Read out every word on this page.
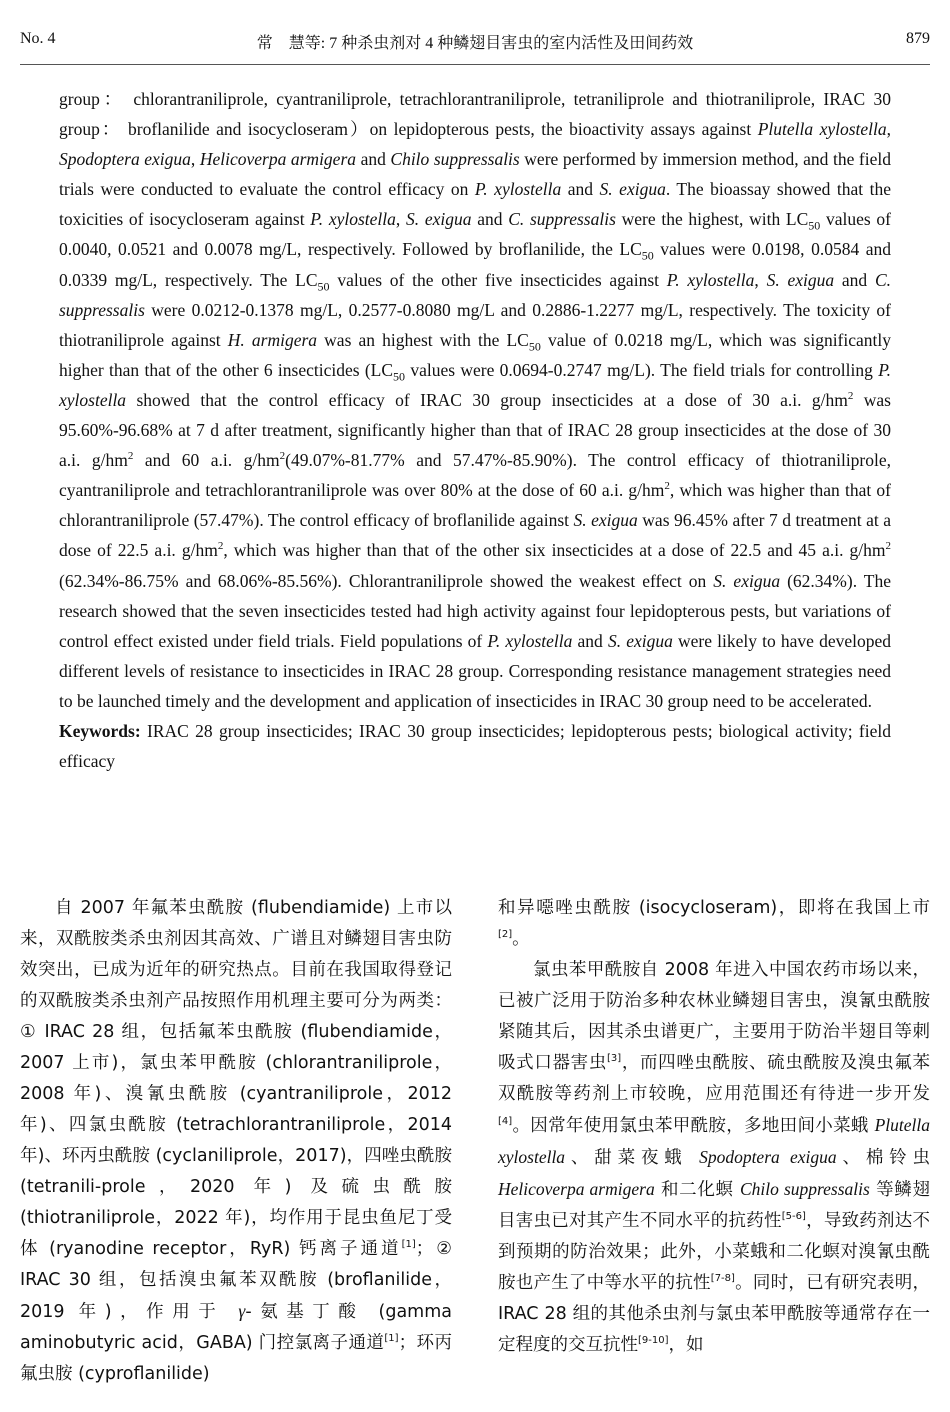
No. 4	常　慧等: 7 种杀虫剂对 4 种鳞翅目害虫的室内活性及田间药效	879

group： chlorantraniliprole, cyantraniliprole, tetrachlorantraniliprole, tetraniliprole and thiotraniliprole, IRAC 30 group： broflanilide and isocycloseram）on lepidopterous pests, the bioactivity assays against Plutella xylostella, Spodoptera exigua, Helicoverpa armigera and Chilo suppressalis were performed by immersion method, and the field trials were conducted to evaluate the control efficacy on P. xylostella and S. exigua. The bioassay showed that the toxicities of isocycloseram against P. xylostella, S. exigua and C. suppressalis were the highest, with $LC_{50}$ values of 0.0040, 0.0521 and 0.0078 mg/L, respectively. Followed by broflanilide, the $LC_{50}$ values were 0.0198, 0.0584 and 0.0339 mg/L, respectively. The $LC_{50}$ values of the other five insecticides against P. xylostella, S. exigua and C. suppressalis were 0.0212-0.1378 mg/L, 0.2577-0.8080 mg/L and 0.2886-1.2277 mg/L, respectively. The toxicity of thiotraniliprole against H. armigera was an highest with the $LC_{50}$ value of 0.0218 mg/L, which was significantly higher than that of the other 6 insecticides ($LC_{50}$ values were 0.0694-0.2747 mg/L). The field trials for controlling P. xylostella showed that the control efficacy of IRAC 30 group insecticides at a dose of 30 a.i. $g/hm^2$ was 95.60%-96.68% at 7 d after treatment, significantly higher than that of IRAC 28 group insecticides at the dose of 30 a.i. $g/hm^2$ and 60 a.i. $g/hm^2(49.07\%-81.77\%$ and 57.47%-85.90%). The control efficacy of thiotraniliprole, cyantraniliprole and tetrachlorantraniliprole was over 80% at the dose of 60 a.i. $g/hm^2$, which was higher than that of chlorantraniliprole (57.47%). The control efficacy of broflanilide against S. exigua was 96.45% after 7 d treatment at a dose of 22.5 a.i. $g/hm^2$, which was higher than that of the other six insecticides at a dose of 22.5 and 45 a.i. $g/hm^2$ (62.34%-86.75% and 68.06%-85.56%). Chlorantraniliprole showed the weakest effect on S. exigua (62.34%). The research showed that the seven insecticides tested had high activity against four lepidopterous pests, but variations of control effect existed under field trials. Field populations of P. xylostella and S. exigua were likely to have developed different levels of resistance to insecticides in IRAC 28 group. Corresponding resistance management strategies need to be launched timely and the development and application of insecticides in IRAC 30 group need to be accelerated.

Keywords: IRAC 28 group insecticides; IRAC 30 group insecticides; lepidopterous pests; biological activity; field efficacy

自 2007 年氟苯虫酰胺 (flubendiamide) 上市以来，双酰胺类杀虫剂因其高效、广谱且对鳞翅目害虫防效突出，已成为近年的研究热点。目前在我国取得登记的双酰胺类杀虫剂产品按照作用机理主要可分为两类：① IRAC 28 组，包括氟苯虫酰胺 (flubendiamide，2007 上市)，氯虫苯甲酰胺 (chlorantraniliprole，2008 年)、溴氰虫酰胺 (cyantraniliprole，2012 年)、四氯虫酰胺 (tetrachlorantraniliprole，2014 年)、环丙虫酰胺 (cyclaniliprole，2017)，四唑虫酰胺 (tetranili-prole，2020 年) 及硫虫酰胺 (thiotraniliprole，2022 年)，均作用于昆虫鱼尼丁受体 (ryanodine receptor，RyR) 钙离子通道[1]；② IRAC 30 组，包括溴虫氟苯双酰胺 (broflanilide，2019 年)，作用于 γ-氨基丁酸 (gamma aminobutyric acid，GABA) 门控氯离子通道[1]；环丙氟虫胺 (cyproflanilide)

和异噁唑虫酰胺 (isocycloseram)，即将在我国上市[2]。

氯虫苯甲酰胺自 2008 年进入中国农药市场以来，已被广泛用于防治多种农林业鳞翅目害虫，溴氰虫酰胺紧随其后，因其杀虫谱更广，主要用于防治半翅目等刺吸式口器害虫[3]，而四唑虫酰胺、硫虫酰胺及溴虫氟苯双酰胺等药剂上市较晚，应用范围还有待进一步开发[4]。因常年使用氯虫苯甲酰胺，多地田间小菜蛾 Plutella xylostella、甜菜夜蛾 Spodoptera exigua、棉铃虫 Helicoverpa armigera 和二化螟 Chilo suppressalis 等鳞翅目害虫已对其产生不同水平的抗药性[5-6]，导致药剂达不到预期的防治效果；此外，小菜蛾和二化螟对溴氰虫酰胺也产生了中等水平的抗性[7-8]。同时，已有研究表明，IRAC 28 组的其他杀虫剂与氯虫苯甲酰胺等通常存在一定程度的交互抗性[9-10]，如
